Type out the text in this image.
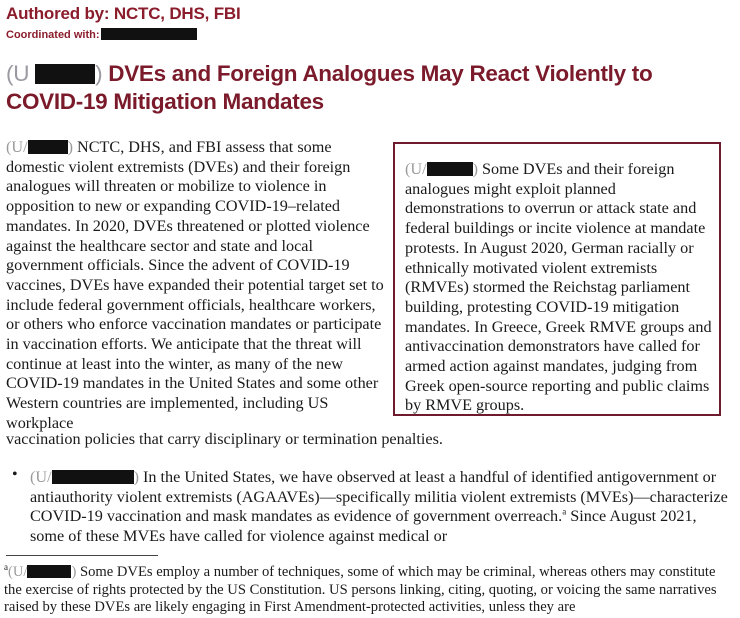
Authored by: NCTC, DHS, FBI
Coordinated with:
(U	) DVEs and Foreign Analogues May React Violently to COVID-19 Mitigation Mandates
(U/ ) NCTC, DHS, and FBI assess that some domestic violent extremists (DVEs) and their foreign analogues will threaten or mobilize to violence in opposition to new or expanding COVID-19–related mandates. In 2020, DVEs threatened or plotted violence against the healthcare sector and state and local government officials. Since the advent of COVID-19 vaccines, DVEs have expanded their potential target set to include federal government officials, healthcare workers, or others who enforce vaccination mandates or participate in vaccination efforts. We anticipate that the threat will continue at least into the winter, as many of the new COVID-19 mandates in the United States and some other Western countries are implemented, including US workplace
vaccination policies that carry disciplinary or termination penalties.
(U/	) Some DVEs and their foreign analogues might exploit planned demonstrations to overrun or attack state and federal buildings or incite violence at mandate protests. In August 2020, German racially or ethnically motivated violent extremists (RMVEs) stormed the Reichstag parliament building, protesting COVID-19 mitigation mandates. In Greece, Greek RMVE groups and antivaccination demonstrators have called for armed action against mandates, judging from Greek open-source reporting and public claims by RMVE groups.
• (U/	) In the United States, we have observed at least a handful of identified antigovernment or antiauthority violent extremists (AGAAVEs)—specifically militia violent extremists (MVEs)—characterize COVID-19 vaccination and mask mandates as evidence of government overreach.$^a$ Since August 2021, some of these MVEs have called for violence against medical or
$^a$(U/	) Some DVEs employ a number of techniques, some of which may be criminal, whereas others may constitute the exercise of rights protected by the US Constitution. US persons linking, citing, quoting, or voicing the same narratives raised by these DVEs are likely engaging in First Amendment-protected activities, unless they are
